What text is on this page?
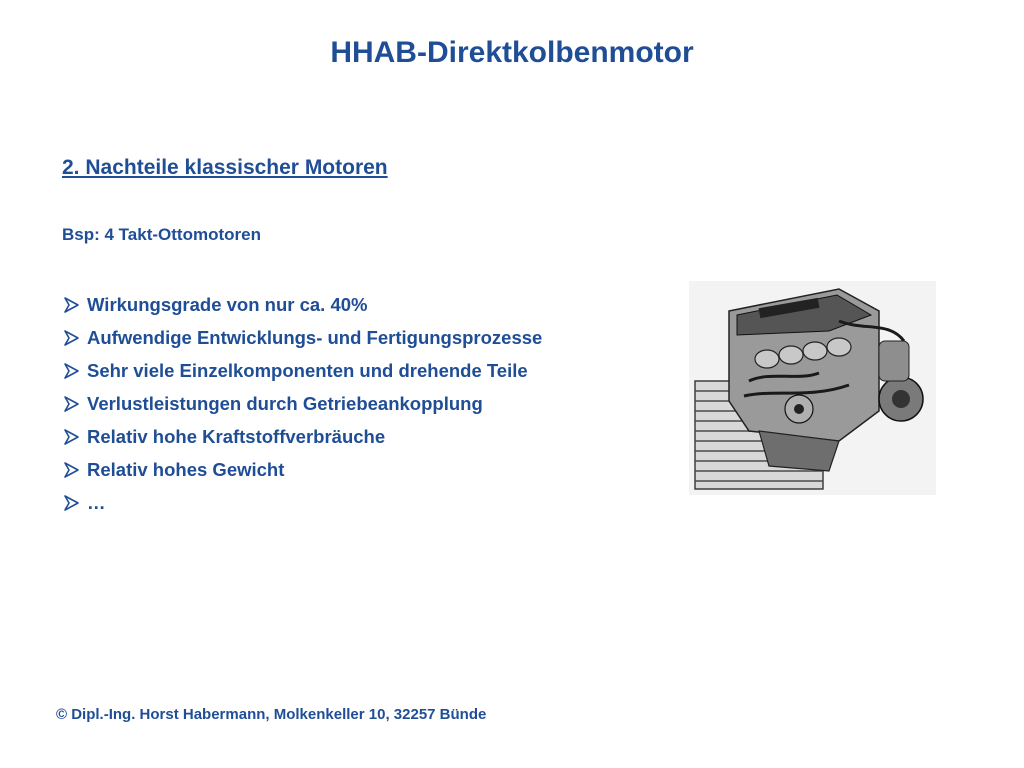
HHAB-Direktkolbenmotor
2. Nachteile klassischer Motoren
Bsp: 4 Takt-Ottomotoren
Wirkungsgrade von nur ca. 40%
Aufwendige Entwicklungs- und Fertigungsprozesse
Sehr viele Einzelkomponenten und drehende Teile
Verlustleistungen durch Getriebeankopplung
Relativ hohe Kraftstoffverbräuche
Relativ hohes Gewicht
…
© Dipl.-Ing. Horst Habermann, Molkenkeller 10, 32257 Bünde
